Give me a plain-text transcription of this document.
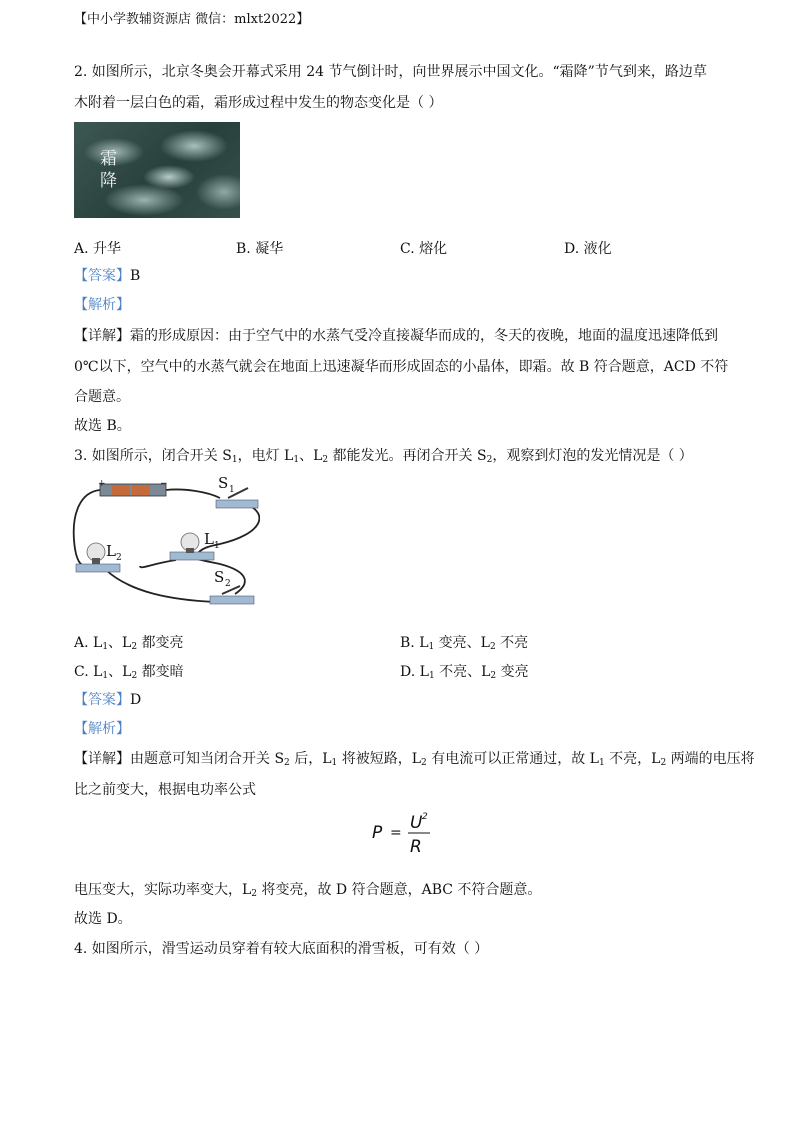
【中小学教辅资源店 微信：mlxt2022】
2. 如图所示，北京冬奥会开幕式采用 24 节气倒计时，向世界展示中国文化。“霜降”节气到来，路边草
木附着一层白色的霜，霜形成过程中发生的物态变化是（ ）
霜
降
A. 升华	B. 凝华	C. 熔化	D. 液化
【答案】B
【解析】
【详解】霜的形成原因：由于空气中的水蒸气受冷直接凝华而成的，冬天的夜晚，地面的温度迅速降低到
0℃以下，空气中的水蒸气就会在地面上迅速凝华而形成固态的小晶体，即霜。故 B 符合题意，ACD 不符
合题意。
故选 B。
3. 如图所示，闭合开关 $S_1$，电灯 $L_1$、$L_2$ 都能发光。再闭合开关 $S_2$，观察到灯泡的发光情况是（ ）
+	−	S 1
L 1
L 2
S 2
A. $L_1$、$L_2$ 都变亮	B. $L_1$ 变亮、$L_2$ 不亮
C. $L_1$、$L_2$ 都变暗	D. $L_1$ 不亮、$L_2$ 变亮
【答案】D
【解析】
【详解】由题意可知当闭合开关 $S_2$ 后，$L_1$ 将被短路，$L_2$ 有电流可以正常通过，故 $L_1$ 不亮，$L_2$ 两端的电压将
比之前变大，根据电功率公式
P = U 2
R
电压变大，实际功率变大，$L_2$ 将变亮，故 D 符合题意，ABC 不符合题意。
故选 D。
4. 如图所示，滑雪运动员穿着有较大底面积的滑雪板，可有效（ ）
